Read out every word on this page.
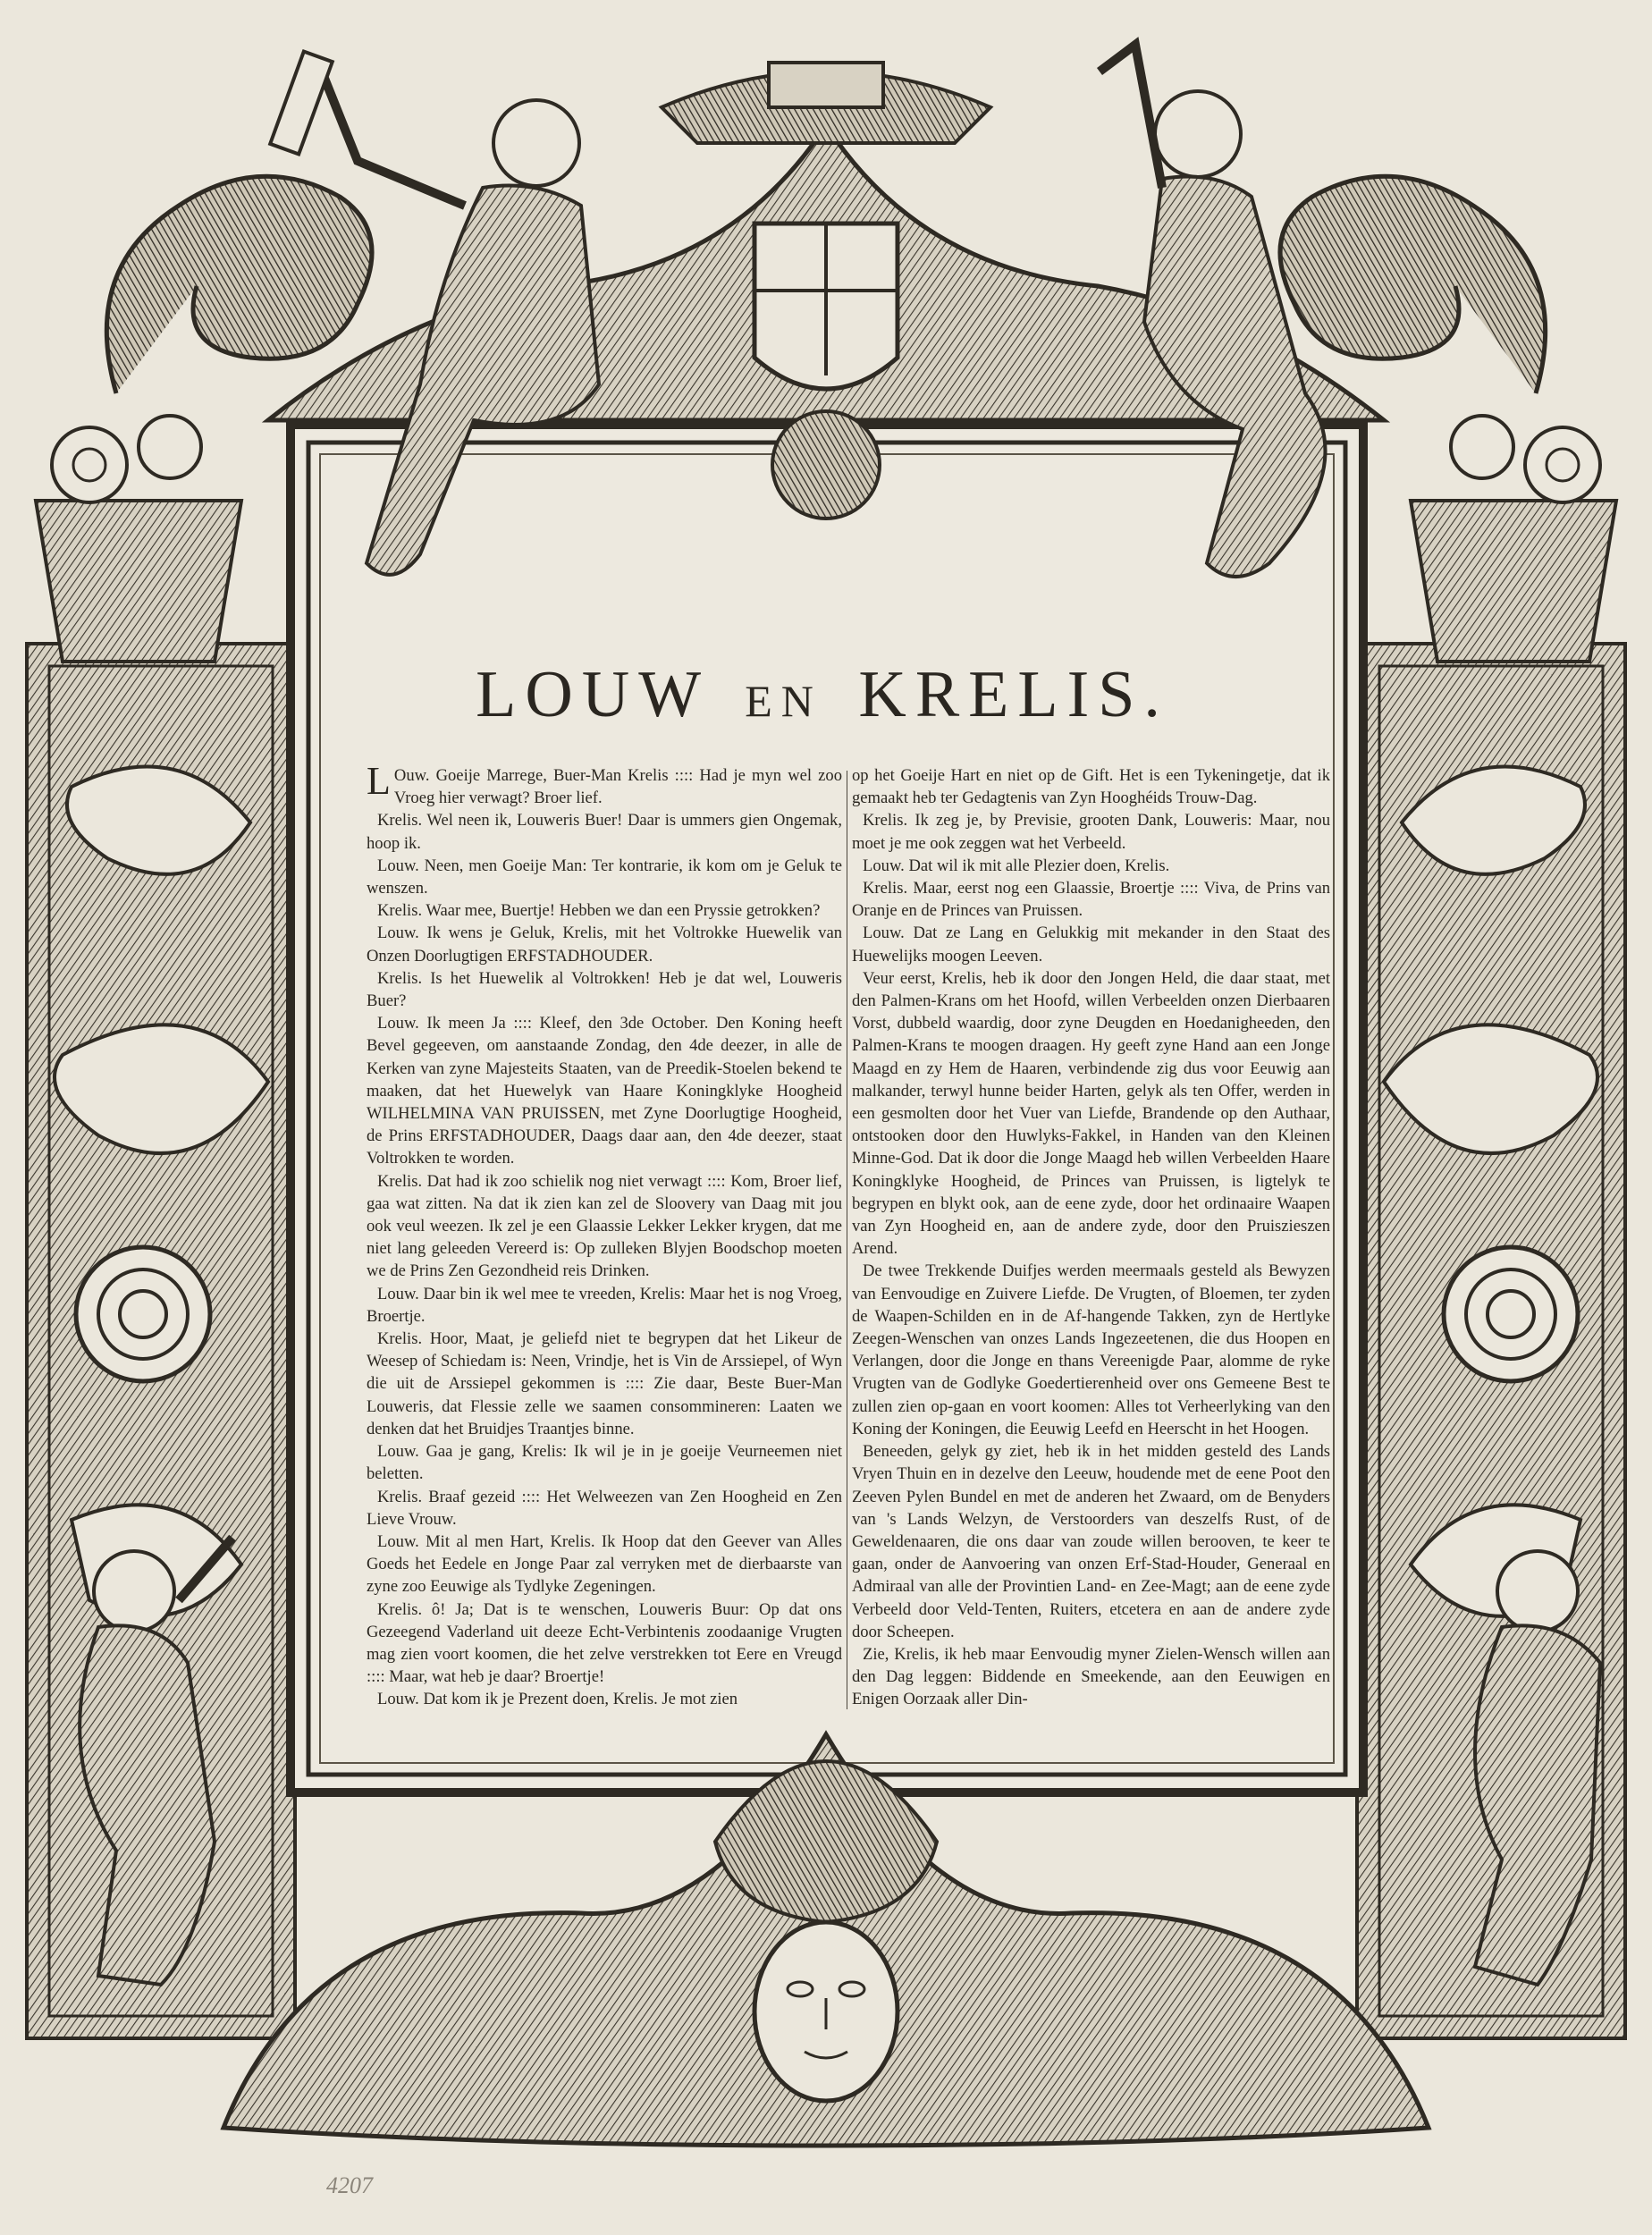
LOUW EN KRELIS.

L Ouw. Goeije Marrege, Buer-Man Krelis :::: Had je myn wel zoo Vroeg hier verwagt? Broer lief.

Krelis. Wel neen ik, Louweris Buer! Daar is ummers gien Ongemak, hoop ik.

Louw. Neen, men Goeije Man: Ter kontrarie, ik kom om je Geluk te wenszen.

Krelis. Waar mee, Buertje! Hebben we dan een Pryssie getrokken?

Louw. Ik wens je Geluk, Krelis, mit het Voltrokke Huewelik van Onzen Doorlugtigen ERFSTADHOUDER.

Krelis. Is het Huewelik al Voltrokken! Heb je dat wel, Louweris Buer?

Louw. Ik meen Ja :::: Kleef, den 3de October. Den Koning heeft Bevel gegeeven, om aanstaande Zondag, den 4de deezer, in alle de Kerken van zyne Majesteits Staaten, van de Preedik-Stoelen bekend te maaken, dat het Huewelyk van Haare Koningklyke Hoogheid WILHELMINA VAN PRUISSEN, met Zyne Doorlugtige Hoogheid, de Prins ERFSTADHOUDER, Daags daar aan, den 4de deezer, staat Voltrokken te worden.

Krelis. Dat had ik zoo schielik nog niet verwagt :::: Kom, Broer lief, gaa wat zitten. Na dat ik zien kan zel de Sloovery van Daag mit jou ook veul weezen. Ik zel je een Glaassie Lekker Lekker krygen, dat me niet lang geleeden Vereerd is: Op zulleken Blyjen Boodschop moeten we de Prins Zen Gezondheid reis Drinken.

Louw. Daar bin ik wel mee te vreeden, Krelis: Maar het is nog Vroeg, Broertje.

Krelis. Hoor, Maat, je geliefd niet te begrypen dat het Likeur de Weesep of Schiedam is: Neen, Vrindje, het is Vin de Arssiepel, of Wyn die uit de Arssiepel gekommen is :::: Zie daar, Beste Buer-Man Louweris, dat Flessie zelle we saamen consommineren: Laaten we denken dat het Bruidjes Traantjes binne.

Louw. Gaa je gang, Krelis: Ik wil je in je goeije Veurneemen niet beletten.

Krelis. Braaf gezeid :::: Het Welweezen van Zen Hoogheid en Zen Lieve Vrouw.

Louw. Mit al men Hart, Krelis. Ik Hoop dat den Geever van Alles Goeds het Eedele en Jonge Paar zal verryken met de dierbaarste van zyne zoo Eeuwige als Tydlyke Zegeningen.

Krelis. ô! Ja; Dat is te wenschen, Louweris Buur: Op dat ons Gezeegend Vaderland uit deeze Echt-Verbintenis zoodaanige Vrugten mag zien voort koomen, die het zelve verstrekken tot Eere en Vreugd :::: Maar, wat heb je daar? Broertje!

Louw. Dat kom ik je Prezent doen, Krelis. Je mot zien

op het Goeije Hart en niet op de Gift. Het is een Tykeningetje, dat ik gemaakt heb ter Gedagtenis van Zyn Hooghéids Trouw-Dag.

Krelis. Ik zeg je, by Previsie, grooten Dank, Louweris: Maar, nou moet je me ook zeggen wat het Verbeeld.

Louw. Dat wil ik mit alle Plezier doen, Krelis.

Krelis. Maar, eerst nog een Glaassie, Broertje :::: Viva, de Prins van Oranje en de Princes van Pruissen.

Louw. Dat ze Lang en Gelukkig mit mekander in den Staat des Huewelijks moogen Leeven.

Veur eerst, Krelis, heb ik door den Jongen Held, die daar staat, met den Palmen-Krans om het Hoofd, willen Verbeelden onzen Dierbaaren Vorst, dubbeld waardig, door zyne Deugden en Hoedanigheeden, den Palmen-Krans te moogen draagen. Hy geeft zyne Hand aan een Jonge Maagd en zy Hem de Haaren, verbindende zig dus voor Eeuwig aan malkander, terwyl hunne beider Harten, gelyk als ten Offer, werden in een gesmolten door het Vuer van Liefde, Brandende op den Authaar, ontstooken door den Huwlyks-Fakkel, in Handen van den Kleinen Minne-God. Dat ik door die Jonge Maagd heb willen Verbeelden Haare Koningklyke Hoogheid, de Princes van Pruissen, is ligtelyk te begrypen en blykt ook, aan de eene zyde, door het ordinaaire Waapen van Zyn Hoogheid en, aan de andere zyde, door den Pruiszieszen Arend.

De twee Trekkende Duifjes werden meermaals gesteld als Bewyzen van Eenvoudige en Zuivere Liefde. De Vrugten, of Bloemen, ter zyden de Waapen-Schilden en in de Af-hangende Takken, zyn de Hertlyke Zeegen-Wenschen van onzes Lands Ingezeetenen, die dus Hoopen en Verlangen, door die Jonge en thans Vereenigde Paar, alomme de ryke Vrugten van de Godlyke Goedertierenheid over ons Gemeene Best te zullen zien op-gaan en voort koomen: Alles tot Verheerlyking van den Koning der Koningen, die Eeuwig Leefd en Heerscht in het Hoogen.

Beneeden, gelyk gy ziet, heb ik in het midden gesteld des Lands Vryen Thuin en in dezelve den Leeuw, houdende met de eene Poot den Zeeven Pylen Bundel en met de anderen het Zwaard, om de Benyders van 's Lands Welzyn, de Verstoorders van deszelfs Rust, of de Geweldenaaren, die ons daar van zoude willen berooven, te keer te gaan, onder de Aanvoering van onzen Erf-Stad-Houder, Generaal en Admiraal van alle der Provintien Land- en Zee-Magt; aan de eene zyde Verbeeld door Veld-Tenten, Ruiters, etcetera en aan de andere zyde door Scheepen.

Zie, Krelis, ik heb maar Eenvoudig myner Zielen-Wensch willen aan den Dag leggen: Biddende en Smeekende, aan den Eeuwigen en Enigen Oorzaak aller Din-

4207
